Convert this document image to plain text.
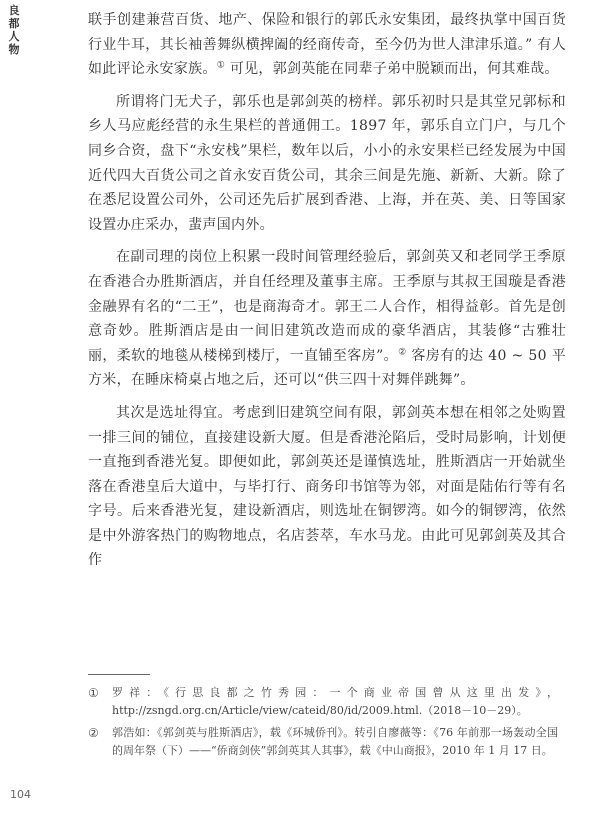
良
都
人
物

联手创建兼营百货、地产、保险和银行的郭氏永安集团，最终执掌中国百货行业牛耳，其长袖善舞纵横捭阖的经商传奇，至今仍为世人津津乐道。” 有人如此评论永安家族。① 可见，郭剑英能在同辈子弟中脱颖而出，何其难哉。

所谓将门无犬子，郭乐也是郭剑英的榜样。郭乐初时只是其堂兄郭标和乡人马应彪经营的永生果栏的普通佣工。1897 年，郭乐自立门户，与几个同乡合资，盘下“永安栈”果栏，数年以后，小小的永安果栏已经发展为中国近代四大百货公司之首永安百货公司，其余三间是先施、新新、大新。除了在悉尼设置公司外，公司还先后扩展到香港、上海，并在英、美、日等国家设置办庄采办，蜚声国内外。

在副司理的岗位上积累一段时间管理经验后，郭剑英又和老同学王季原在香港合办胜斯酒店，并自任经理及董事主席。王季原与其叔王国璇是香港金融界有名的“二王”，也是商海奇才。郭王二人合作，相得益彰。首先是创意奇妙。胜斯酒店是由一间旧建筑改造而成的豪华酒店，其装修“古雅壮丽，柔软的地毯从楼梯到楼厅，一直铺至客房”。② 客房有的达 40 ~ 50 平方米，在睡床椅桌占地之后，还可以“供三四十对舞伴跳舞”。

其次是选址得宜。考虑到旧建筑空间有限，郭剑英本想在相邻之处购置一排三间的铺位，直接建设新大厦。但是香港沦陷后，受时局影响，计划便一直拖到香港光复。即便如此，郭剑英还是谨慎选址，胜斯酒店一开始就坐落在香港皇后大道中，与毕打行、商务印书馆等为邻，对面是陆佑行等有名字号。后来香港光复，建设新酒店，则选址在铜锣湾。如今的铜锣湾，依然是中外游客热门的购物地点，名店荟萃，车水马龙。由此可见郭剑英及其合作

①	罗祥：《行思良都之竹秀园：一个商业帝国曾从这里出发》，http://zsngd.org.cn/Article/view/cateid/80/id/2009.html.（2018－10－29）。
②	郭浩如：《郭剑英与胜斯酒店》，载《环城侨刊》。转引自廖薇等：《76 年前那一场轰动全国的周年祭（下）——“侨商剑侠”郭剑英其人其事》，载《中山商报》，2010 年 1 月 17 日。
104
